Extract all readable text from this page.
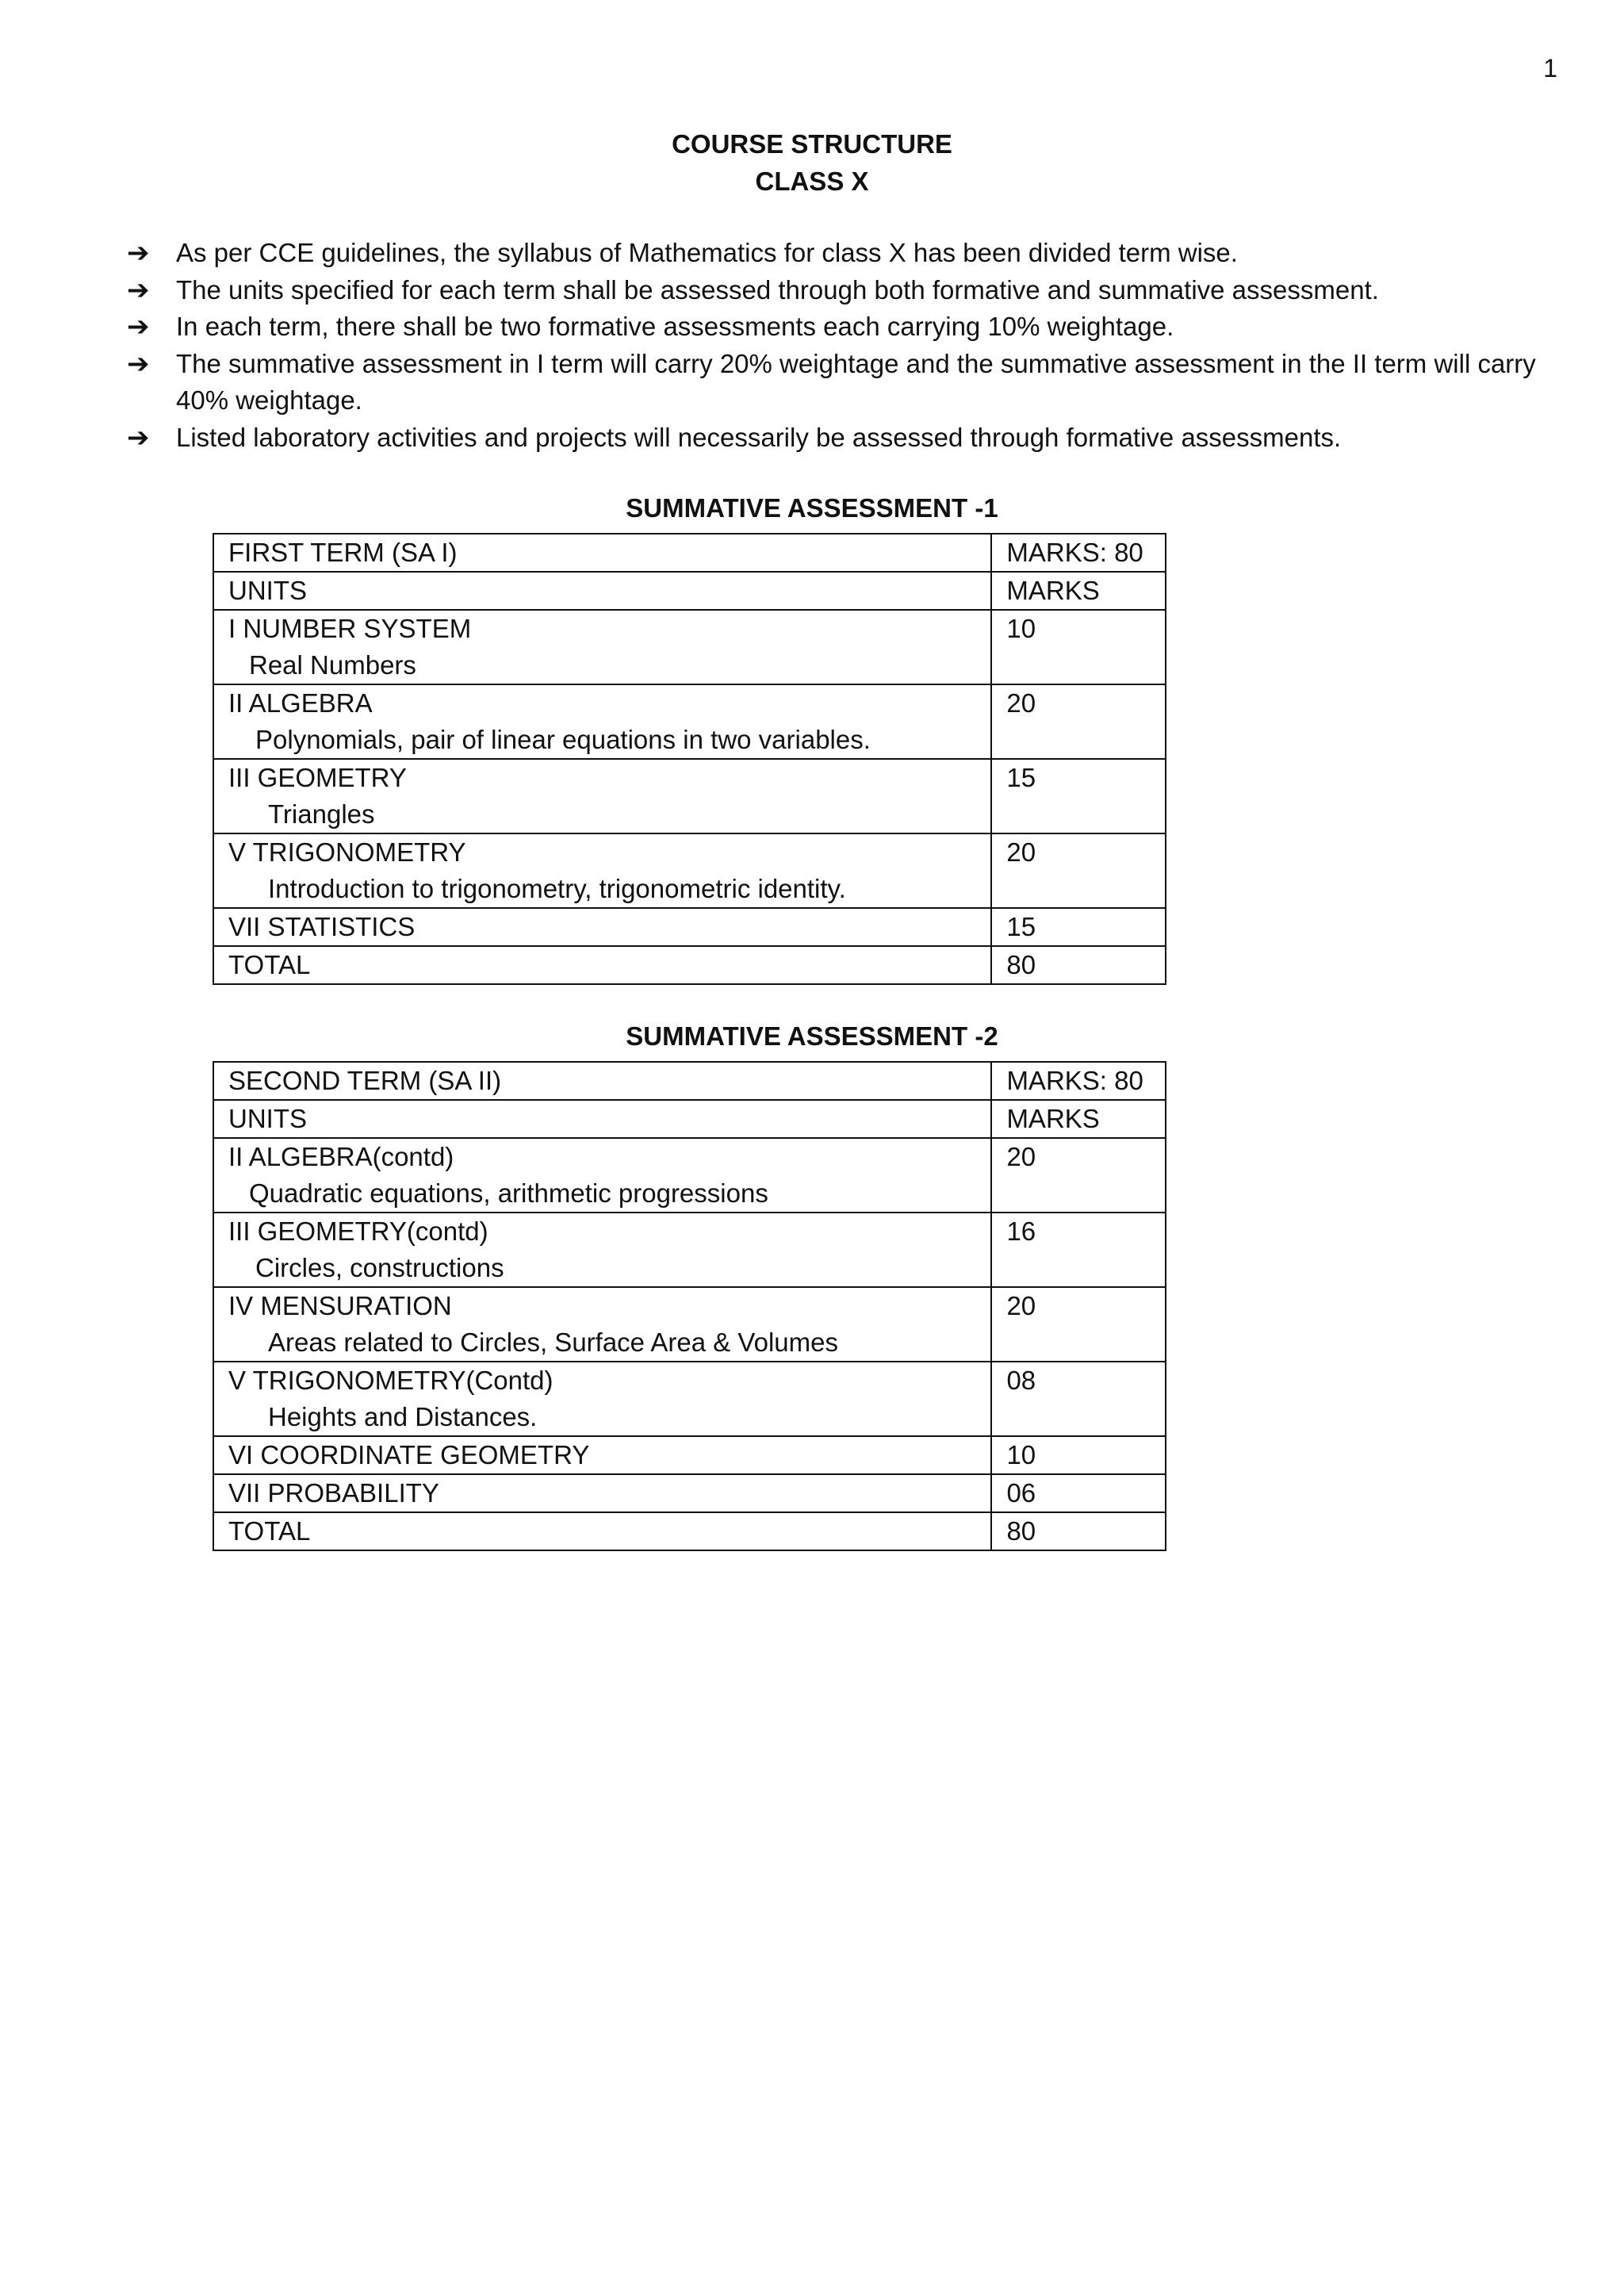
1
COURSE STRUCTURE
CLASS X
➔ As per CCE guidelines, the syllabus of Mathematics for class X has been divided term wise.
➔ The units specified for each term shall be assessed through both formative and summative assessment.
➔ In each term, there shall be two formative assessments each carrying 10% weightage.
➔ The summative assessment in I term will carry 20% weightage and the summative assessment in the II term will carry 40% weightage.
➔ Listed laboratory activities and projects will necessarily be assessed through formative assessments.
SUMMATIVE ASSESSMENT -1
FIRST TERM (SA I)	MARKS: 80
UNITS	MARKS

I NUMBER SYSTEM
Real Numbers	10

II ALGEBRA
Polynomials, pair of linear equations in two variables.	20

III GEOMETRY
Triangles	15

V TRIGONOMETRY
Introduction to trigonometry, trigonometric identity.	20
VII STATISTICS	15
TOTAL	80
SUMMATIVE ASSESSMENT -2
SECOND TERM (SA II)	MARKS: 80
UNITS	MARKS

II ALGEBRA(contd)
Quadratic equations, arithmetic progressions	20

III GEOMETRY(contd)
Circles, constructions	16

IV MENSURATION
Areas related to Circles, Surface Area & Volumes	20

V TRIGONOMETRY(Contd)
Heights and Distances.	08
VI COORDINATE GEOMETRY	10
VII PROBABILITY	06
TOTAL	80
